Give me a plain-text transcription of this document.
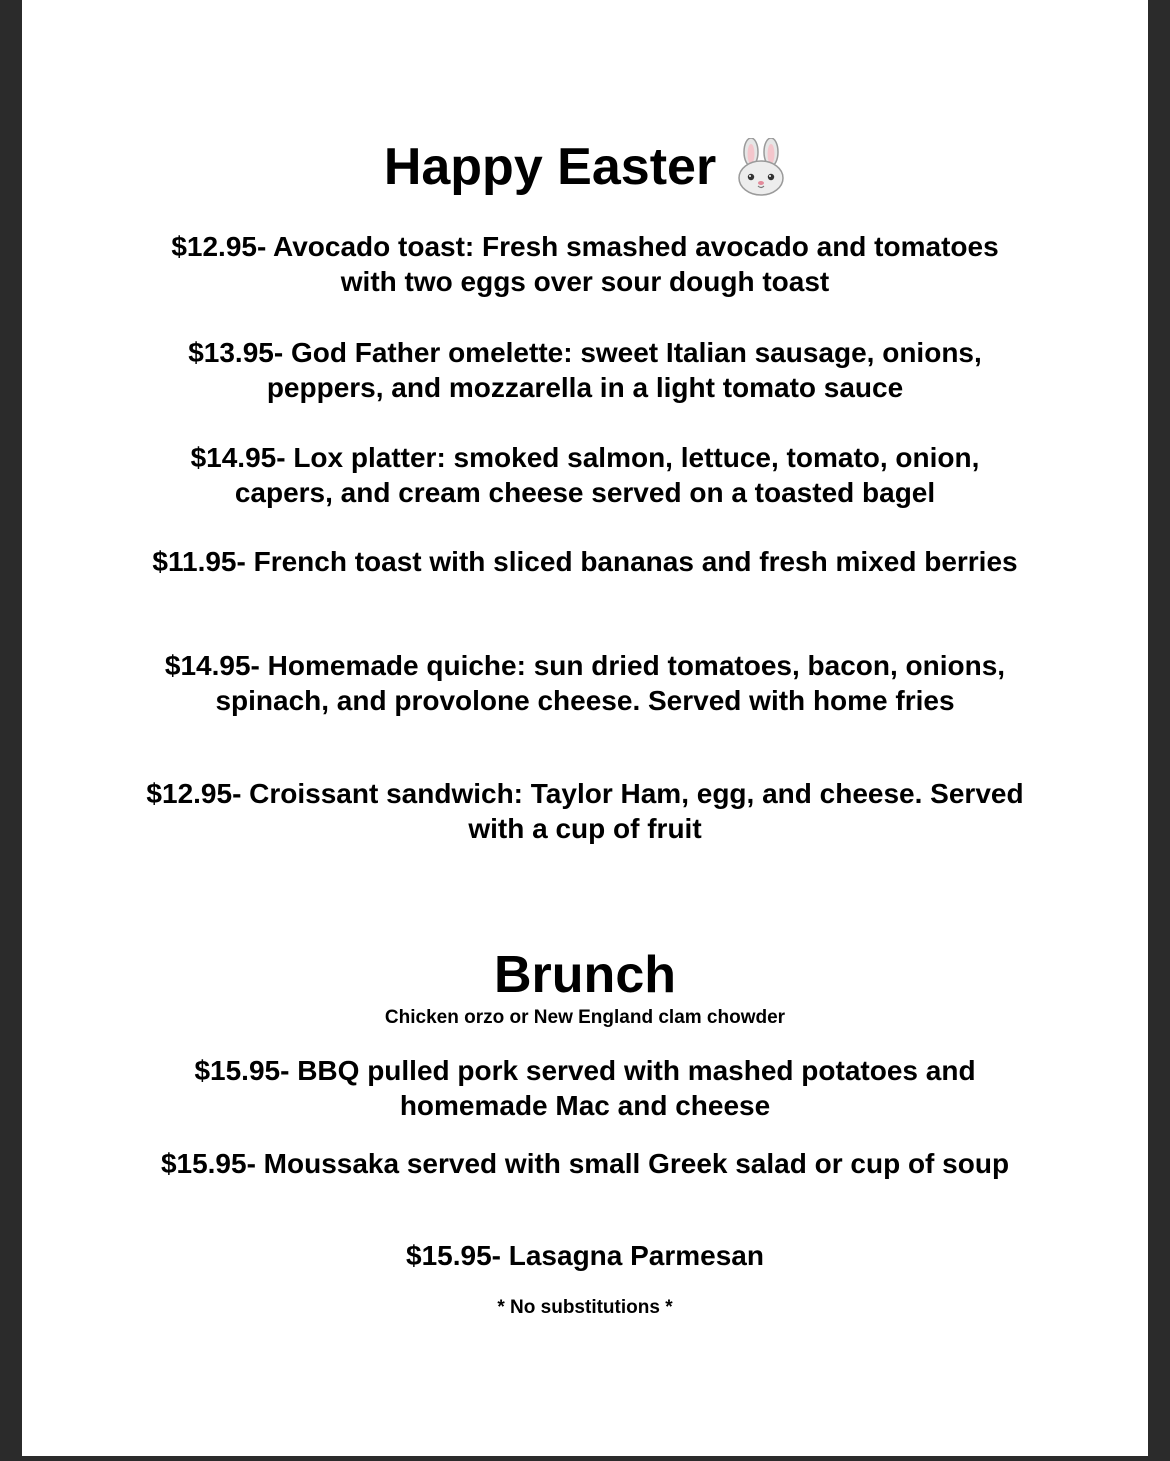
Happy Easter

$12.95- Avocado toast: Fresh smashed avocado and tomatoes with two eggs over sour dough toast

$13.95- God Father omelette: sweet Italian sausage, onions, peppers, and mozzarella in a light tomato sauce

$14.95- Lox platter: smoked salmon, lettuce, tomato, onion, capers, and cream cheese served on a toasted bagel

$11.95- French toast with sliced bananas and fresh mixed berries

$14.95- Homemade quiche: sun dried tomatoes, bacon, onions, spinach, and provolone cheese. Served with home fries

$12.95- Croissant sandwich: Taylor Ham, egg, and cheese. Served with a cup of fruit

Brunch

Chicken orzo or New England clam chowder

$15.95- BBQ pulled pork served with mashed potatoes and homemade Mac and cheese

$15.95- Moussaka served with small Greek salad or cup of soup

$15.95- Lasagna Parmesan

* No substitutions *
